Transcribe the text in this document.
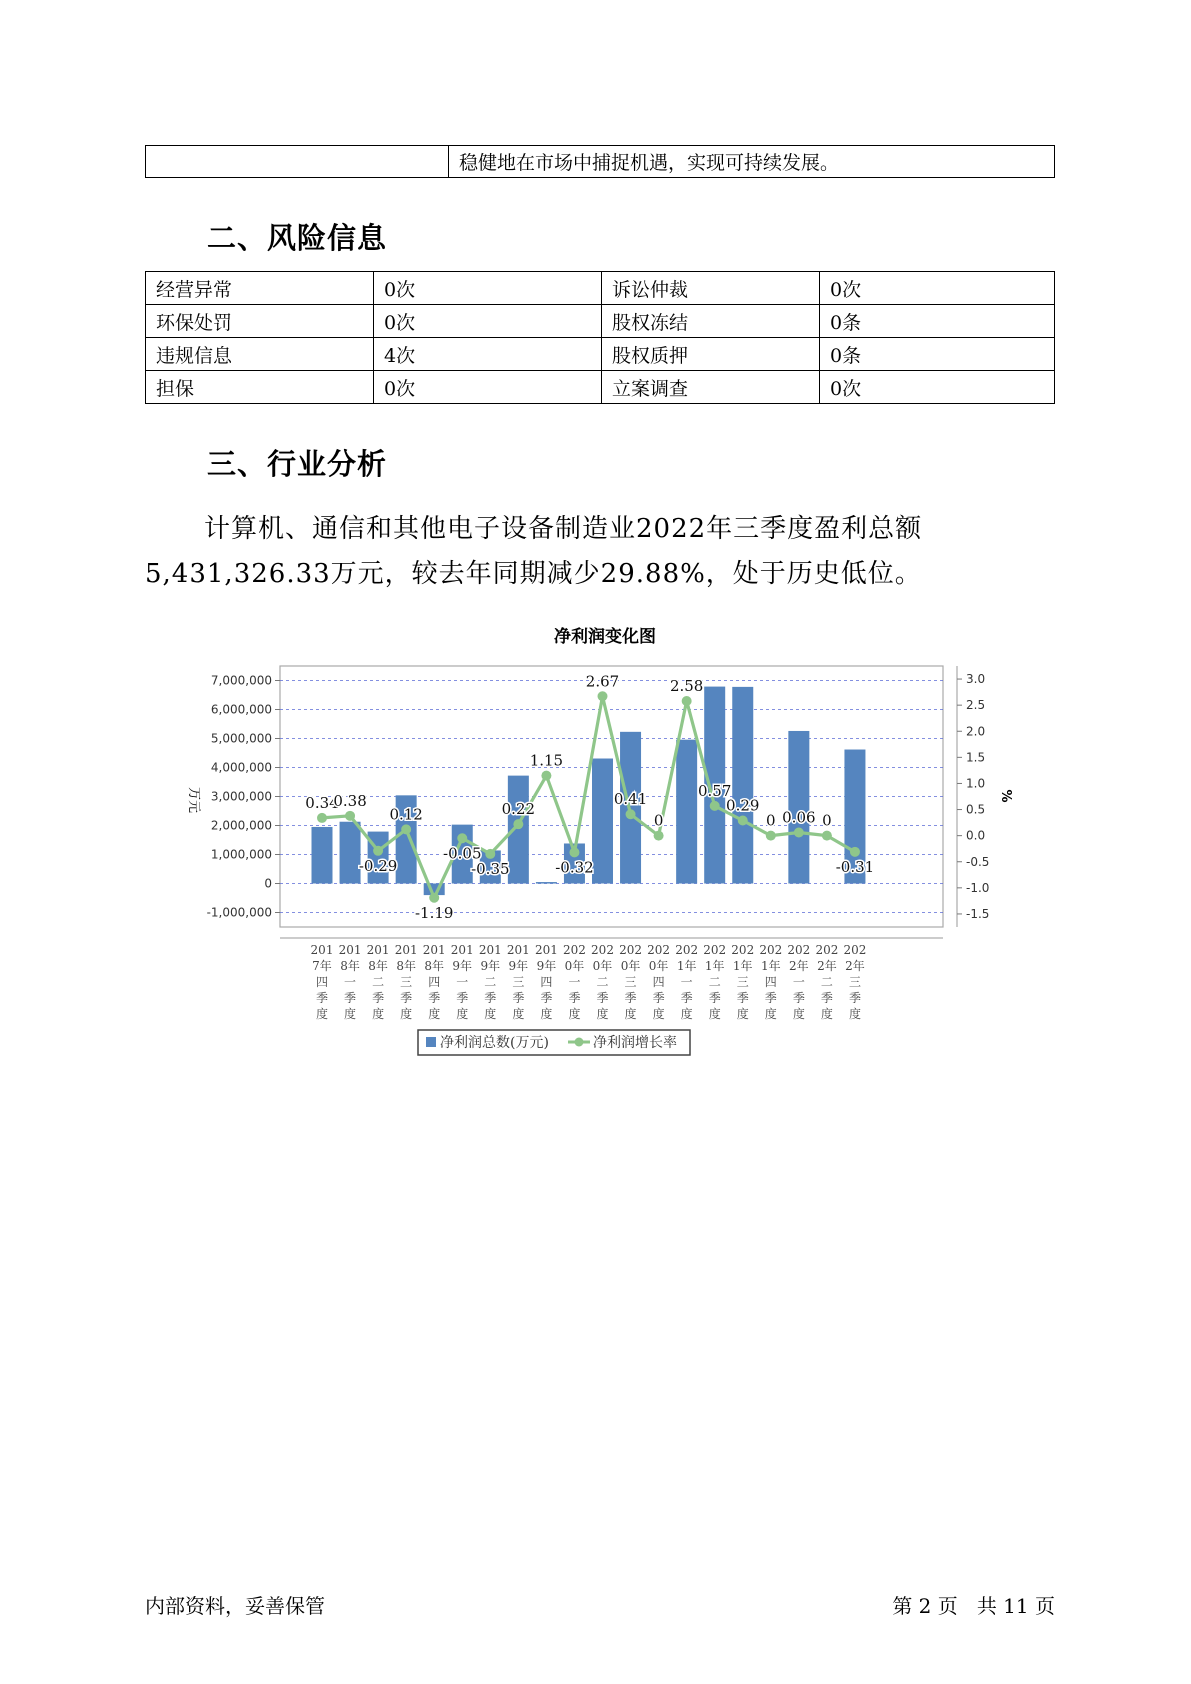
	稳健地在市场中捕捉机遇，实现可持续发展。
二、风险信息
经营异常	0次	诉讼仲裁	0次
环保处罚	0次	股权冻结	0条
违规信息	4次	股权质押	0条
担保	0次	立案调查	0次
三、行业分析
计算机、通信和其他电子设备制造业2022年三季度盈利总额
5,431,326.33万元，较去年同期减少29.88%，处于历史低位。
净利润变化图
7,000,000
6,000,000
5,000,000
4,000,000
3,000,000
2,000,000
1,000,000
0
-1,000,000
3.0
2.5
2.0
1.5
1.0
0.5
0.0
-0.5
-1.0
-1.5
万元	%
0.34
0.38
-0.29
0.12
-1.19
-0.05
-0.35
0.22
1.15
-0.32
2.67
0.41
0
2.58
0.57
0.29
0 0.06 0
-0.31
201 7年四季度
201 8年一季度
201 8年二季度
201 8年三季度
201 8年四季度
201 9年一季度
201 9年二季度
201 9年三季度
201 9年四季度
202 0年一季度
202 0年二季度
202 0年三季度
202 0年四季度
202 1年一季度
202 1年二季度
202 1年三季度
202 1年四季度
202 2年一季度
202 2年二季度
202 2年三季度
净利润总数(万元)	净利润增长率
内部资料，妥善保管	第 2 页   共 11 页
